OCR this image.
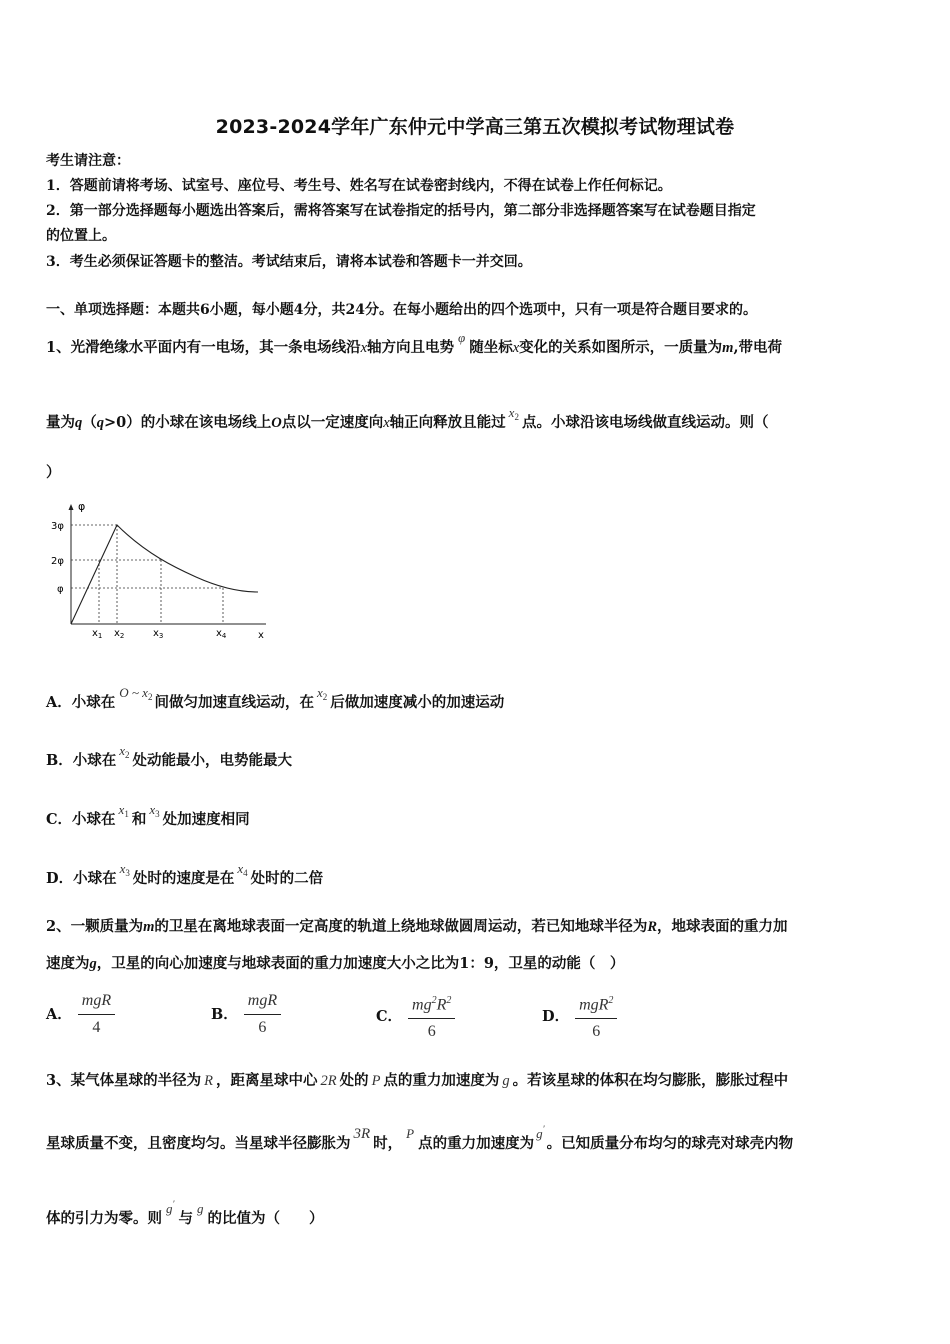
2023-2024学年广东仲元中学高三第五次模拟考试物理试卷
考生请注意：
1．答题前请将考场、试室号、座位号、考生号、姓名写在试卷密封线内，不得在试卷上作任何标记。
2．第一部分选择题每小题选出答案后，需将答案写在试卷指定的括号内，第二部分非选择题答案写在试卷题目指定
的位置上。
3．考生必须保证答题卡的整洁。考试结束后，请将本试卷和答题卡一并交回。
一、单项选择题：本题共6小题，每小题4分，共24分。在每小题给出的四个选项中，只有一项是符合题目要求的。
1、光滑绝缘水平面内有一电场，其一条电场线沿x轴方向且电势φ随坐标x变化的关系如图所示，一质量为m,带电荷
量为q（q>0）的小球在该电场线上O点以一定速度向x轴正向释放且能过$x_2$ 点。小球沿该电场线做直线运动。则（
）
φ
x
3φ
2φ
φ
$x_1$ $x_2$	$x_3$	$x_4$
A．小球在O ~ $x_2$ 间做匀加速直线运动，在$x_2$ 后做加速度减小的加速运动
B．小球在$x_2$ 处动能最小，电势能最大
C．小球在$x_1$ 和$x_3$ 处加速度相同
D．小球在$x_3$ 处时的速度是在$x_4$ 处时的二倍
2、一颗质量为m的卫星在离地球表面一定高度的轨道上绕地球做圆周运动，若已知地球半径为R，地球表面的重力加
速度为g，卫星的向心加速度与地球表面的重力加速度大小之比为1：9，卫星的动能（　）
A． $\frac{\text{mgR}}{4}$	B． $\frac{\text{mgR}}{6}$	C． $\frac{mg^2R^2}{6}$	D． $\frac{mgR^2}{6}$
3、某气体星球的半径为 R ，距离星球中心 2R 处的 P 点的重力加速度为 g 。若该星球的体积在均匀膨胀，膨胀过程中
星球质量不变，且密度均匀。当星球半径膨胀为3R时，P点的重力加速度为g′。已知质量分布均匀的球壳对球壳内物
体的引力为零。则g′与g的比值为（　　）
